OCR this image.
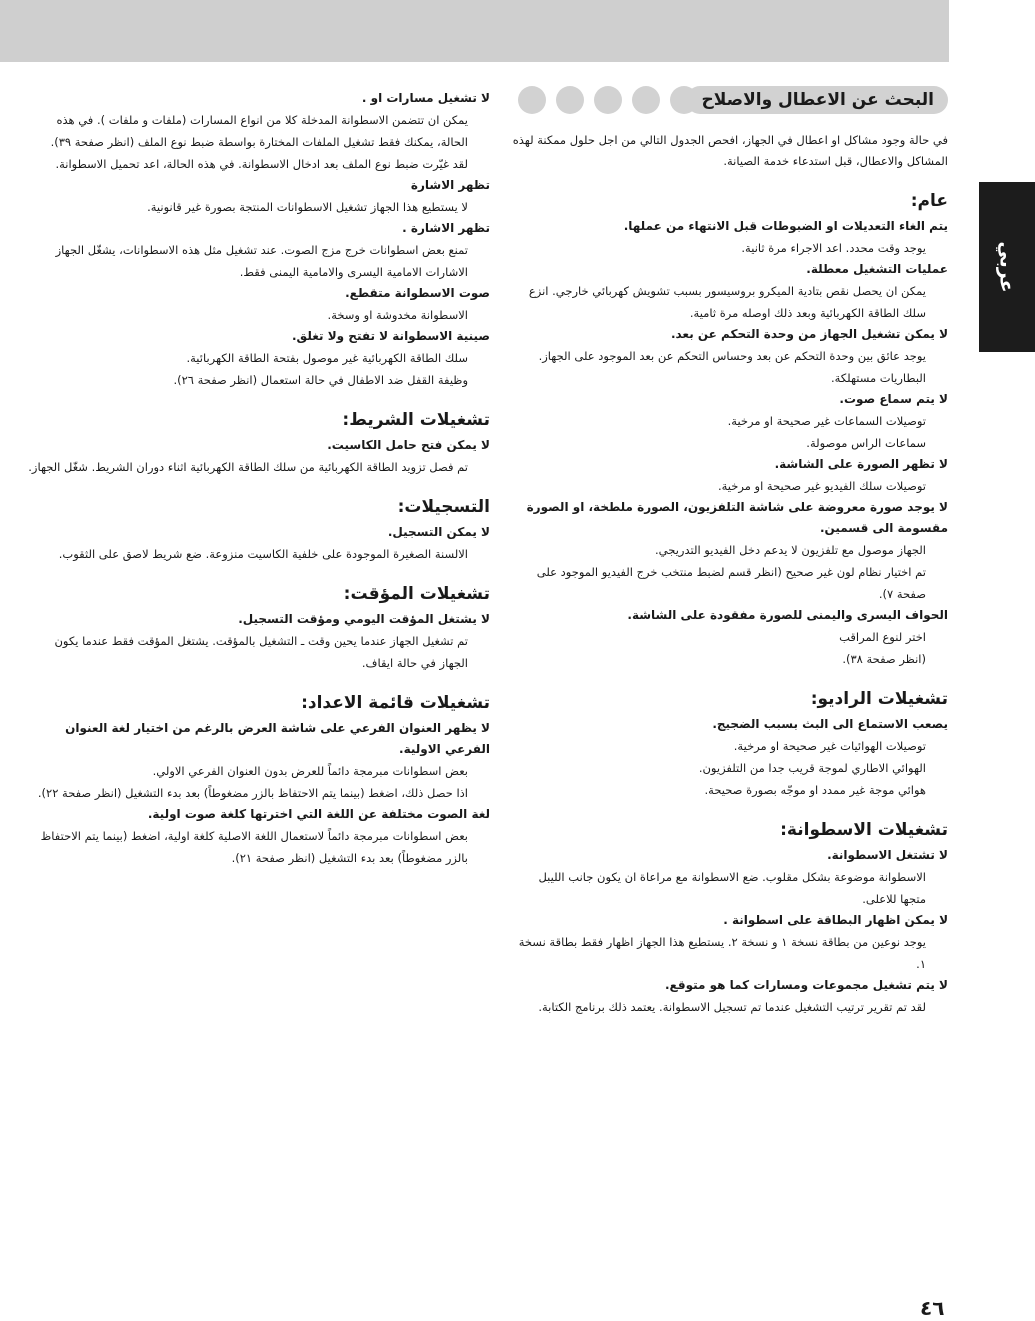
عربي
البحث عن الاعطال والاصلاح

في حالة وجود مشاكل او اعطال في الجهاز، افحص الجدول التالي من اجل حلول ممكنة لهذه المشاكل والاعطال، قبل استدعاء خدمة الصيانة.

عام:

يتم الغاء التعديلات او الضبوطات قبل الانتهاء من عملها.

يوجد وقت محدد. اعد الاجراء مرة ثانية.

عمليات التشغيل معطلة.

يمكن ان يحصل نقص بتادية الميكرو بروسيسور بسبب تشويش كهربائي خارجي. انزع سلك الطاقة الكهربائية وبعد ذلك اوصله مرة ثامية.

لا يمكن تشغيل الجهاز من وحدة التحكم عن بعد.

يوجد عائق بين وحدة التحكم عن بعد وحساس التحكم عن بعد الموجود على الجهاز.

البطاريات مستهلكة.

لا يتم سماع صوت.

توصيلات السماعات غير صحيحة او مرخية.

سماعات الراس موصولة.

لا تظهر الصورة على الشاشة.

توصيلات سلك الفيديو غير صحيحة او مرخية.

لا يوجد صورة معروضة على شاشة التلفزيون، الصورة ملطخة، او الصورة مقسومة الى قسمين.

الجهاز موصول مع تلفزيون لا يدعم دخل الفيديو التدريجي.

تم اختيار نظام لون غير صحيح (انظر قسم لضبط منتخب خرج الفيديو الموجود على صفحة ٧).

الحواف اليسرى واليمنى للصورة مفقودة على الشاشة.

اختر لنوع المراقب

(انظر صفحة ٣٨).

تشغيلات الراديو:

يصعب الاستماع الى البث بسبب الضجيج.

توصيلات الهوائيات غير صحيحة او مرخية.

الهوائي الاطاري لموجة قريب جدا من التلفزيون.

هوائي موجة غير ممدد او موجّه بصورة صحيحة.

تشغيلات الاسطوانة:

لا تشتغل الاسطوانة.

الاسطوانة موضوعة بشكل مقلوب. ضع الاسطوانة مع مراعاة ان يكون جانب الليبل متجها للاعلى.

لا يمكن اظهار البطاقة على اسطوانة .

يوجد نوعين من بطاقة نسخة ١ و نسخة ٢. يستطيع هذا الجهاز اظهار فقط بطاقة نسخة ١.

لا يتم تشغيل مجموعات ومسارات كما هو متوقع.

لقد تم تقرير ترتيب التشغيل عندما تم تسجيل الاسطوانة. يعتمد ذلك برنامج الكتابة.

لا تشغيل مسارات او .

يمكن ان تتضمن الاسطوانة المدخلة كلا من انواع المسارات (ملفات و ملفات ). في هذه الحالة، يمكنك فقط تشغيل الملفات المختارة بواسطة ضبط نوع الملف (انظر صفحة ٣٩).

لقد غيّرت ضبط نوع الملف بعد ادخال الاسطوانة. في هذه الحالة، اعد تحميل الاسطوانة.

تظهر الاشارة

لا يستطيع هذا الجهاز تشغيل الاسطوانات المنتجة بصورة غير قانونية.

تظهر الاشارة .

تمنع بعض اسطوانات خرج مزج الصوت. عند تشغيل مثل هذه الاسطوانات، يشغّل الجهاز الاشارات الامامية اليسرى والامامية اليمنى فقط.

صوت الاسطوانة متقطع.

الاسطوانة مخدوشة او وسخة.

صينية الاسطوانة لا تفتح ولا تغلق.

سلك الطاقة الكهربائية غير موصول بفتحة الطاقة الكهربائية.

وظيفة القفل ضد الاطفال في حالة استعمال (انظر صفحة ٢٦).

تشغيلات الشريط:

لا يمكن فتح حامل الكاسيت.

تم فصل تزويد الطاقة الكهربائية من سلك الطاقة الكهربائية اثناء دوران الشريط. شغّل الجهاز.

التسجيلات:

لا يمكن التسجيل.

الالسنة الصغيرة الموجودة على خلفية الكاسيت منزوعة. ضع شريط لاصق على الثقوب.

تشغيلات المؤقت:

لا يشتغل المؤقت اليومي ومؤقت التسجيل.

تم تشغيل الجهاز عندما يحين وقت ـ التشغيل بالمؤقت. يشتغل المؤقت فقط عندما يكون الجهاز في حالة ايقاف.

تشغيلات قائمة الاعداد:

لا يظهر العنوان الفرعي على شاشة العرض بالرغم من اختيار لغة العنوان الفرعي الاولية.

بعض اسطوانات مبرمجة دائماً للعرض بدون العنوان الفرعي الاولي.

اذا حصل ذلك، اضغط (بينما يتم الاحتفاظ بالزر مضغوطاً) بعد بدء التشغيل (انظر صفحة ٢٢).

لغة الصوت مختلفة عن اللغة التي اخترتها كلغة صوت اولية.

بعض اسطوانات مبرمجة دائماً لاستعمال اللغة الاصلية كلغة اولية، اضغط (بينما يتم الاحتفاظ بالزر مضغوطاً) بعد بدء التشغيل (انظر صفحة ٢١).

٤٦
